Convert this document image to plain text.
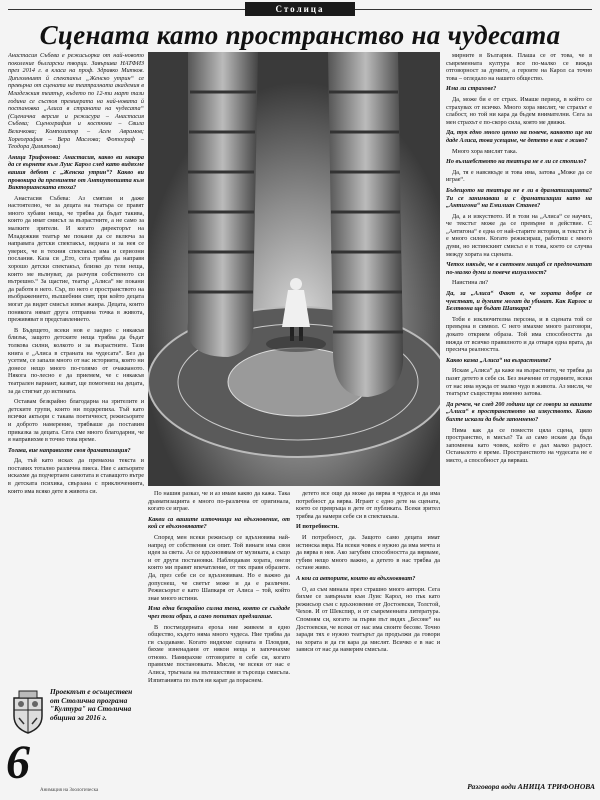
Столица
Сцената като пространство на чудесата

Анастасия Събева е режисьорка от най-новото поколение български творци. Завършва НАТФИЗ през 2014 г. в класа на проф. Здравко Митков. Дипломният й спектакъл „Женско утрин“ се превърна от сцената на театралната академия в Младежкия театър, където по 12-ти март тази година се състоя премиерата на най-новата й постановка „Алиса в страната на чудесата“ (Сценична версия и режисура – Анастасия Събева; Сценография и костюми – Свила Величкова; Композитор – Асен Аврамов; Хореография – Вера Маслова; Фотограф – Теодора Димитова)

Аница Трифонова: Анастасия, какво ви накара да се върнете към Луис Карол след като видяхме вашия дебют с „Женска утрин“? Какво ви провокира да преминете от Антиутопията към Викторианската епоха?

Анастасия Събева: Аз смятам и даже настоятелно, че за децата на театъра се правят много хубави неща, че трябва да бъдат такива, които да имат смисъл за възрастните, а не само за малките зрители. И когато директорът на Младежкия театър ме покани да се включа за направата детски спектакъл, веднага и за нея се уверих, че в техния спектакъл има и сериозни послания. Каза си „Ето, сега трябва да направя хорошо детски спектакъл, близко до тези неща, които ме вълнуват, да разчупя собственото си вътрешно.“ За щастие, театър „Алиса“ ме покани да работя в него. Сър, по него е пространството на въображението, вълшебния свят, при който децата могат да видят смисъл извън жанра. Децата, които понякога нямат друга отправна точка в живота, преживяват в представлението.

В Бъдещето, всеки нов е заедно с някакъв близък, защото детските неща трябва да бъдат толкова силни, колкото и за възрастните. Тази книга е „Алиса в страната на чудесата“. Без да усетим, се запали много от нас историята, която ни донесе нещо много по-голямо от очакваното. Някога по-лесно е да приемем, че с някакъв театрален вариант, казват, ще помогнеш на децата, за да стигнат до истината.

Оставам безкрайно благодарна на зрителите и детските групи, които ни подкрепиха. Тъй като всички актьори с такава поетичност, режисьорите и доброто намерение, трябваше да поставим приказка за децата. Сега сме много благодарни, че я направихме в точно това време.

Тогава, вие направихте своя драматизация?

Да, тъй като исках да премахна текста и поставих тотално различна пиеса. Ние с актьорите искахме да подчертаем самотата и ставащото вътре в детската психика, свързана с приключенията, които има всяко дете в живота си.	По нашия разказ, че и аз имам какво да кажа. Така драматизацията е много по-различна от оригинала, когато се играе.

Какви са вашите източници на вдъхновение, от кой се вдъхновявате?

Според мен всеки режисьор се вдъхновява най-напред от собствения си опит. Той винаги има своя идея за света. Аз се вдъхновявам от музиката, а също и от други постановки. Наблюдавам хората, онези които ми правят впечатление, от тях правя образите. Да, през себе си се вдъхновявам. Но е важно да допуснеш, че светът може и да е различен. Режисьорът е като Шапкаря от Алиса – той, който знае много истини.

Има една безкрайно силна тема, която се създаде чрез този образ, а само попитах предлагаше.

В постмодерната epoxa ние живеем в едно общество, където няма много чудеса. Ние трябва да ги създаваме. Когато видяхме сцената в Пловдив, бяхме изненадани от някои неща и започнахме отново. Намирахме отговорите в себе си, когато правихме постановката. Мисля, че всеки от нас е Алиса, тръгнала на пътешествие и търсеща смисъла. Изпитанията по пътя ни карат да пораснем.

детето все още да може да вярва в чудеса и да има потребност да вярва. Играят с едно дете на сцената, което се превръща в дете от публиката. Всеки зрител трябва да намери себе си в спектакъла.

И потребности.

И потребност, да. Защото само децата имат истинска вяра. На всеки човек е нужно да има мечта и да вярва в нея. Ако загубим способността да вярваме, губим нещо много важно, а детето в нас трябва да остане живо.

А кои са авторите, които ви вдъхновяват?

О, аз съм минала през страшно много автори. Сега бихме се завърнали към Луис Карол, но пък като режисьор съм с вдъхновение от Достоевски, Толстой, Чехов. И от Шекспир, и от съвременната литература. Спомням си, когато за първи път видях „Бесове“ на Достоевски, че всеки от нас има своите бесове. Точно заради тях е нужно театърът да продължи да говори на хората и да ги кара да мислят. Всичко е в нас и зависи от нас да намерим смисъла.

мирните в България. Плаша се от това, че в съвременната култура все по-малко се вижда отговорност за думите, а героите на Карол са точно това – огледало на нашето общество.

Има ли страхове?

Да, може би е от страх. Имаше период, в който се страхувах от всичко. Много хора мислят, че страхът е слабост, но той ни кара да бъдем внимателни. Сега за мен страхът е по-скоро сила, която ме движи.

Да, тук едно много ценно на повече, каквото ще ни даде Алиса, това усещане, че детето в нас е живо?

Много хора мислят така.

Но вълшебството на театъра не е ли се стопило?

Да, тя е навсякъде и това има, затова „Може да се играе“.

Бъдещото на театъра не е ли в драматизацията? Ти се занимаваш и с драматизации като на „Антигона“ на Емилиан Станев?

Да, а и изкуството. И в този на „Алиса“ се научих, че текстът може да се превърне в действие. С „Антигона“ е една от най-старите истории, и текстът ѝ е много силен. Когато режисираш, работиш с много думи, но истинският смисъл е в това, което се случва между хората на сцената.

Четох някъде, че в световен мащаб се предпочитат по-малко думи и повече визуалност?

Наистина ли?

Да, за „Алиса“ Факт е, че хората добре се чувстват, и думите могат да убиват. Как Карлос и Белтвона ще бъдат Шапкаря?

Тоби е изключителна персона, и в сцената той се превърна в символ. С него имахме много разговори, докато открием образа. Той има способността да вижда от всичко правилното и да отваря една врата, да пресича реалността.

Какво казва „Алиса“ на възрастните?

Искам „Алиса“ да каже на възрастните, че трябва да пазят детето в себе си. Без значение от годините, всеки от нас има нужда от малко чудо в живота. Аз мисля, че театърът съществува именно затова.

Да речем, че след 200 години ще се говори за вашите „Алиса“ в пространството на изкуството. Какво бихте искали да бъде запомнено?

Нима как да се помести цяла сцена, цяло пространство, в мисъл? Та аз само искам да бъда запомнена като човек, който е дал малко радост. Останалото е време. Пространството на чудесата не е място, а способност да вярваш.

Проектът е осъществен от Столична програма "Култура" на Столична община за 2016 г.
6
Анимация на Зоологическа	Разговора води АНИЦА ТРИФОНОВА
